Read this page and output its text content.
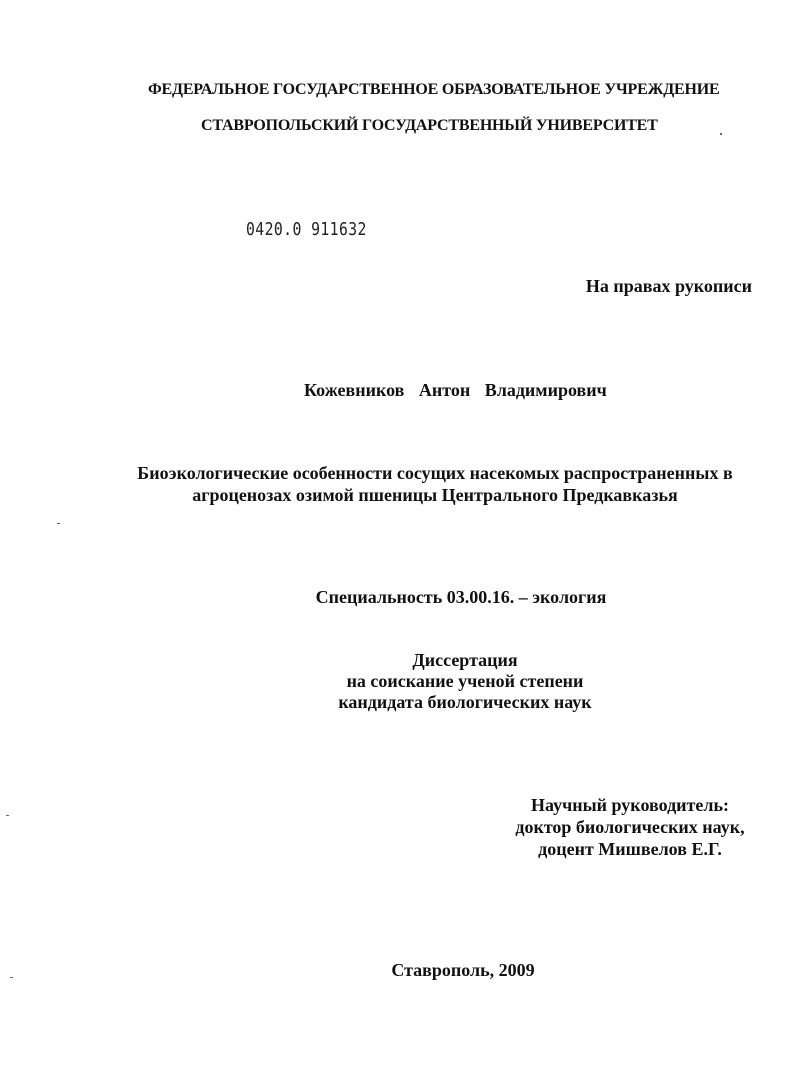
ФЕДЕРАЛЬНОЕ ГОСУДАРСТВЕННОЕ ОБРАЗОВАТЕЛЬНОЕ УЧРЕЖДЕНИЕ
СТАВРОПОЛЬСКИЙ ГОСУДАРСТВЕННЫЙ УНИВЕРСИТЕТ
0420.0 911632
На правах рукописи
Кожевников Антон Владимирович
Биоэкологические особенности сосущих насекомых распространенных в
агроценозах озимой пшеницы Центрального Предкавказья
Специальность 03.00.16. – экология
Диссертация
на соискание ученой степени
кандидата биологических наук
Научный руководитель:
доктор биологических наук,
доцент Мишвелов Е.Г.
Ставрополь, 2009
